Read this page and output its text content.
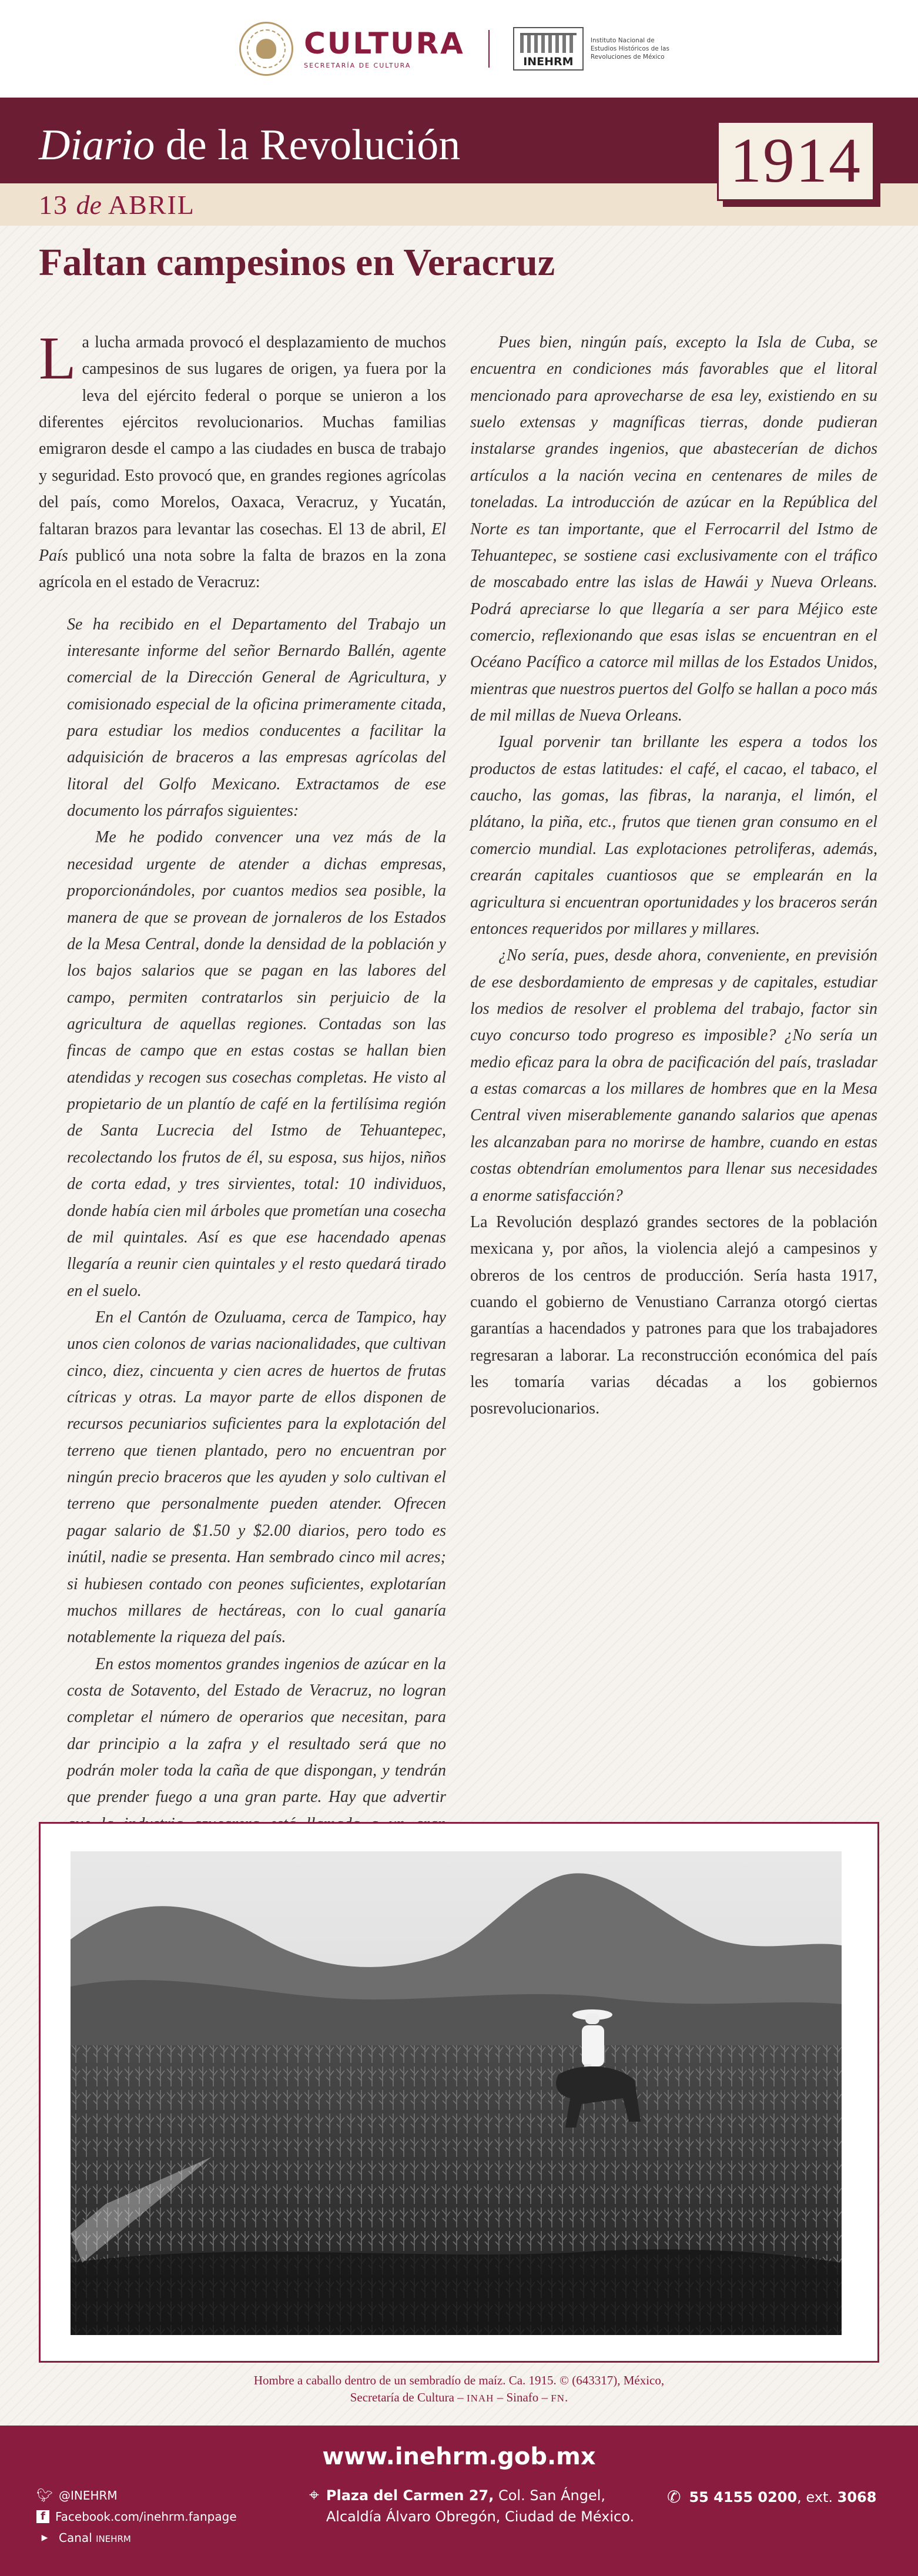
CULTURA
SECRETARÍA DE CULTURA	INEHRM
Instituto Nacional de Estudios Históricos de las Revoluciones de México
Diario de la Revolución
13 de ABRIL
1914
Faltan campesinos en Veracruz

La lucha armada provocó el desplazamiento de muchos campesinos de sus lugares de origen, ya fuera por la leva del ejército federal o porque se unieron a los diferentes ejércitos revolucionarios. Muchas familias emigraron desde el campo a las ciudades en busca de trabajo y seguridad. Esto provocó que, en grandes regiones agrícolas del país, como Morelos, Oaxaca, Veracruz, y Yucatán, faltaran brazos para levantar las cosechas. El 13 de abril, El País publicó una nota sobre la falta de brazos en la zona agrícola en el estado de Veracruz:

Se ha recibido en el Departamento del Trabajo un interesante informe del señor Bernardo Ballén, agente comercial de la Dirección General de Agricultura, y comisionado especial de la oficina primeramente citada, para estudiar los medios conducentes a facilitar la adquisición de braceros a las empresas agrícolas del litoral del Golfo Mexicano. Extractamos de ese documento los párrafos siguientes:

Me he podido convencer una vez más de la necesidad urgente de atender a dichas empresas, proporcionándoles, por cuantos medios sea posible, la manera de que se provean de jornaleros de los Estados de la Mesa Central, donde la densidad de la población y los bajos salarios que se pagan en las labores del campo, permiten contratarlos sin perjuicio de la agricultura de aquellas regiones. Contadas son las fincas de campo que en estas costas se hallan bien atendidas y recogen sus cosechas completas. He visto al propietario de un plantío de café en la fertilísima región de Santa Lucrecia del Istmo de Tehuantepec, recolectando los frutos de él, su esposa, sus hijos, niños de corta edad, y tres sirvientes, total: 10 individuos, donde había cien mil árboles que prometían una cosecha de mil quintales. Así es que ese hacendado apenas llegaría a reunir cien quintales y el resto quedará tirado en el suelo.

En el Cantón de Ozuluama, cerca de Tampico, hay unos cien colonos de varias nacionalidades, que cultivan cinco, diez, cincuenta y cien acres de huertos de frutas cítricas y otras. La mayor parte de ellos disponen de recursos pecuniarios suficientes para la explotación del terreno que tienen plantado, pero no encuentran por ningún precio braceros que les ayuden y solo cultivan el terreno que personalmente pueden atender. Ofrecen pagar salario de $1.50 y $2.00 diarios, pero todo es inútil, nadie se presenta. Han sembrado cinco mil acres; si hubiesen contado con peones suficientes, explotarían muchos millares de hectáreas, con lo cual ganaría notablemente la riqueza del país.

En estos momentos grandes ingenios de azúcar en la costa de Sotavento, del Estado de Veracruz, no logran completar el número de operarios que necesitan, para dar principio a la zafra y el resultado será que no podrán moler toda la caña de que dispongan, y tendrán que prender fuego a una gran parte. Hay que advertir

Pues bien, ningún país, excepto la Isla de Cuba, se encuentra en condiciones más favorables que el litoral mencionado para aprovecharse de esa ley, existiendo en su suelo extensas y magníficas tierras, donde pudieran instalarse grandes ingenios, que abastecerían de dichos artículos a la nación vecina en centenares de miles de toneladas. La introducción de azúcar en la República del Norte es tan importante, que el Ferrocarril del Istmo de Tehuantepec, se sostiene casi exclusivamente con el tráfico de moscabado entre las islas de Hawái y Nueva Orleans. Podrá apreciarse lo que llegaría a ser para Méjico este comercio, reflexionando que esas islas se encuentran en el Océano Pacífico a catorce mil millas de los Estados Unidos, mientras que nuestros puertos del Golfo se hallan a poco más de mil millas de Nueva Orleans.

Igual porvenir tan brillante les espera a todos los productos de estas latitudes: el café, el cacao, el tabaco, el caucho, las gomas, las fibras, la naranja, el limón, el plátano, la piña, etc., frutos que tienen gran consumo en el comercio mundial. Las explotaciones petroliferas, además, crearán capitales cuantiosos que se emplearán en la agricultura si encuentran oportunidades y los braceros serán entonces requeridos por millares y millares.

¿No sería, pues, desde ahora, conveniente, en previsión de ese desbordamiento de empresas y de capitales, estudiar los medios de resolver el problema del trabajo, factor sin cuyo concurso todo progreso es imposible? ¿No sería un medio eficaz para la obra de pacificación del país, trasladar a estas comarcas a los millares de hombres que en la Mesa Central viven miserablemente ganando salarios que apenas les alcanzaban para no morirse de hambre, cuando en estas costas obtendrían emolumentos para llenar sus necesidades a enorme satisfacción?

La Revolución desplazó grandes sectores de la población mexicana y, por años, la violencia alejó a campesinos y obreros de los centros de producción. Sería hasta 1917, cuando el gobierno de Venustiano Carranza otorgó ciertas garantías a hacendados y patrones para que los trabajadores regresaran a laborar. La reconstrucción económica del país les tomaría varias décadas a los gobiernos posrevolucionarios.

Hombre a caballo dentro de un sembradío de maíz. Ca. 1915. © (643317), México,
Secretaría de Cultura – INAH – Sinafo – FN.
www.inehrm.gob.mx
🐦︎ @INEHRM
f Facebook.com/inehrm.fanpage
▶ Canal INEHRM
⌖ Plaza del Carmen 27, Col. San Ángel,
Alcaldía Álvaro Obregón, Ciudad de México.
✆ 55 4155 0200, ext. 3068
